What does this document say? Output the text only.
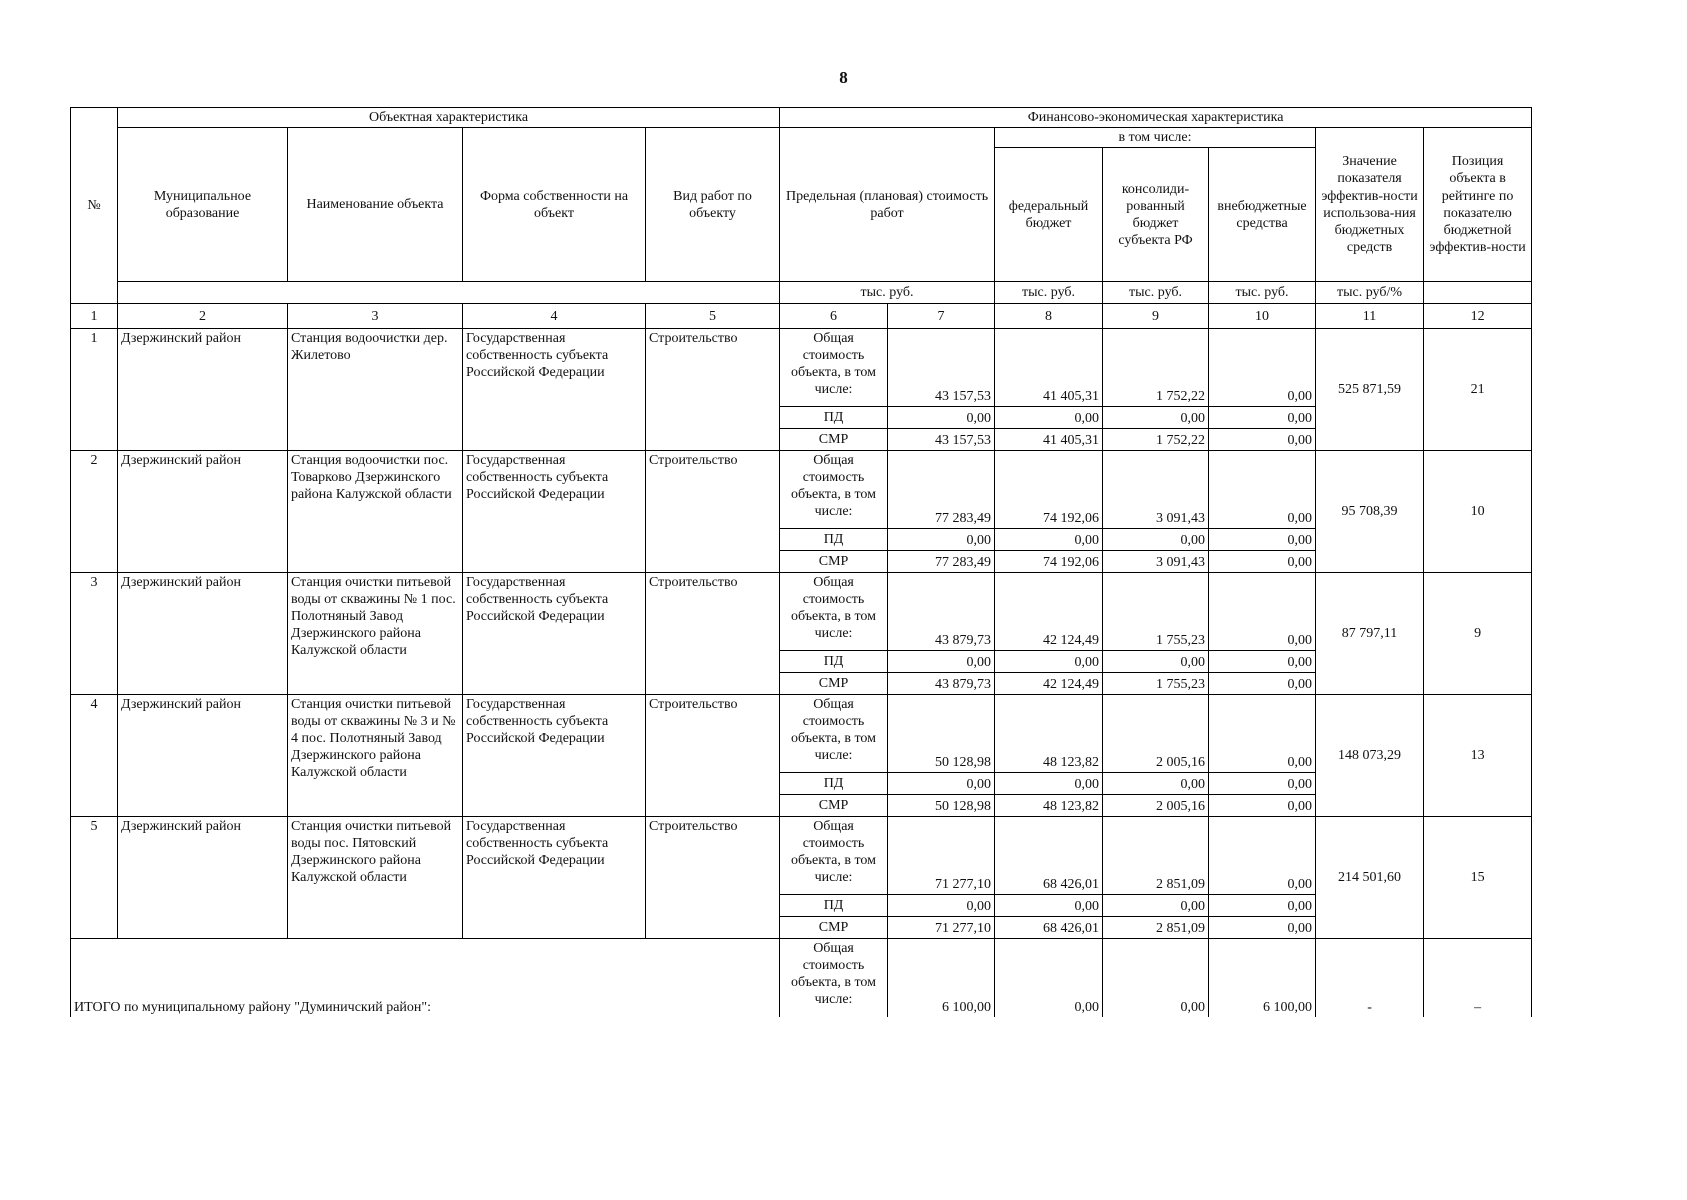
8
№	Объектная характеристика				Финансово-экономическая характеристика						
	Муниципальное образование	Наименование объекта	Форма собственности на объект	Вид работ по объекту	Предельная (плановая) стоимость работ		в том числе:			Значение показателя эффектив-ности использова-ния бюджетных средств	Позиция объекта в рейтинге по показателю бюджетной эффектив-ности
							федеральный бюджет	консолиди-рованный бюджет субъекта РФ	внебюджетные средства		
					тыс. руб.		тыс. руб.	тыс. руб.	тыс. руб.	тыс. руб/%	
1	2	3	4	5	6	7	8	9	10	11	12
1	Дзержинский район	Станция водоочистки дер. Жилетово	Государственная собственность субъекта Российской Федерации	Строительство	Общая стоимость объекта, в том числе:	43 157,53	41 405,31	1 752,22	0,00	525 871,59	21
					ПД	0,00	0,00	0,00	0,00		
					СМР	43 157,53	41 405,31	1 752,22	0,00		
2	Дзержинский район	Станция водоочистки пос. Товарково Дзержинского района Калужской области	Государственная собственность субъекта Российской Федерации	Строительство	Общая стоимость объекта, в том числе:	77 283,49	74 192,06	3 091,43	0,00	95 708,39	10
					ПД	0,00	0,00	0,00	0,00		
					СМР	77 283,49	74 192,06	3 091,43	0,00		
3	Дзержинский район	Станция очистки питьевой воды от скважины № 1 пос. Полотняный Завод Дзержинского района Калужской области	Государственная собственность субъекта Российской Федерации	Строительство	Общая стоимость объекта, в том числе:	43 879,73	42 124,49	1 755,23	0,00	87 797,11	9
					ПД	0,00	0,00	0,00	0,00		
					СМР	43 879,73	42 124,49	1 755,23	0,00		
4	Дзержинский район	Станция очистки питьевой воды от скважины № 3 и № 4 пос. Полотняный Завод Дзержинского района Калужской области	Государственная собственность субъекта Российской Федерации	Строительство	Общая стоимость объекта, в том числе:	50 128,98	48 123,82	2 005,16	0,00	148 073,29	13
					ПД	0,00	0,00	0,00	0,00		
					СМР	50 128,98	48 123,82	2 005,16	0,00		
5	Дзержинский район	Станция очистки питьевой воды пос. Пятовский Дзержинского района Калужской области	Государственная собственность субъекта Российской Федерации	Строительство	Общая стоимость объекта, в том числе:	71 277,10	68 426,01	2 851,09	0,00	214 501,60	15
					ПД	0,00	0,00	0,00	0,00		
					СМР	71 277,10	68 426,01	2 851,09	0,00		
ИТОГО по муниципальному району "Думиничский район":					Общая стоимость объекта, в том числе:	6 100,00	0,00	0,00	6 100,00	-	–
